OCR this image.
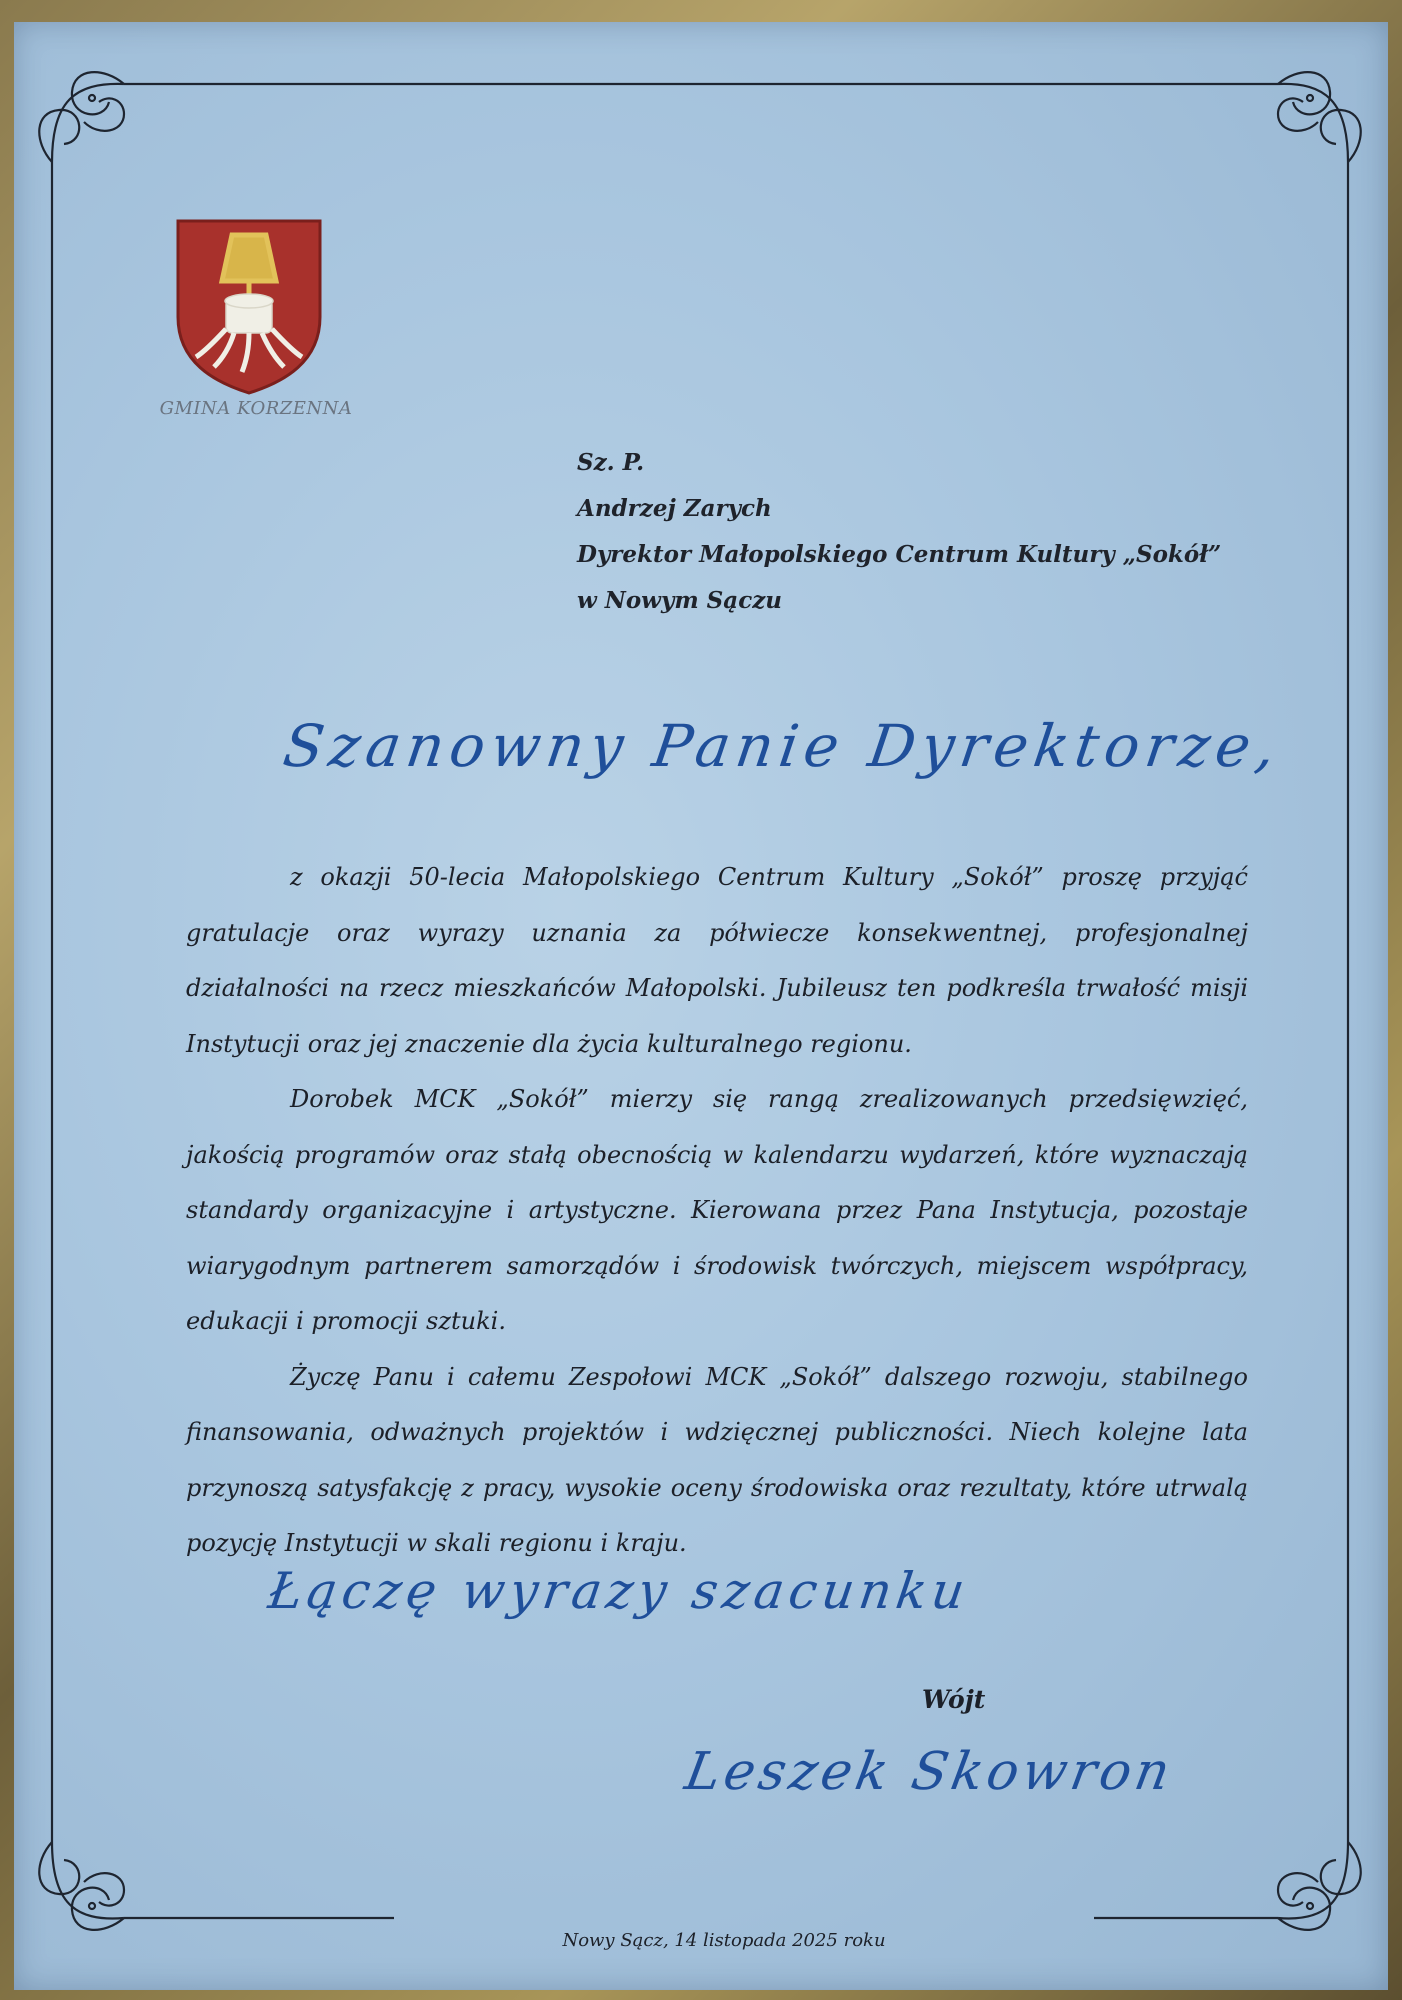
GMINA KORZENNA
Sz. P.
Andrzej Zarych
Dyrektor Małopolskiego Centrum Kultury „Sokół”
w Nowym Sączu
Szanowny Panie Dyrektorze,

z okazji 50-lecia Małopolskiego Centrum Kultury „Sokół” proszę przyjąć gratulacje oraz wyrazy uznania za półwiecze konsekwentnej, profesjonalnej działalności na rzecz mieszkańców Małopolski. Jubileusz ten podkreśla trwałość misji Instytucji oraz jej znaczenie dla życia kulturalnego regionu.

Dorobek MCK „Sokół” mierzy się rangą zrealizowanych przedsięwzięć, jakością programów oraz stałą obecnością w kalendarzu wydarzeń, które wyznaczają standardy organizacyjne i artystyczne. Kierowana przez Pana Instytucja, pozostaje wiarygodnym partnerem samorządów i środowisk twórczych, miejscem współpracy, edukacji i promocji sztuki.

Życzę Panu i całemu Zespołowi MCK „Sokół” dalszego rozwoju, stabilnego finansowania, odważnych projektów i wdzięcznej publiczności. Niech kolejne lata przynoszą satysfakcję z pracy, wysokie oceny środowiska oraz rezultaty, które utrwalą pozycję Instytucji w skali regionu i kraju.

Łączę wyrazy szacunku
Wójt
Leszek Skowron
Nowy Sącz, 14 listopada 2025 roku
